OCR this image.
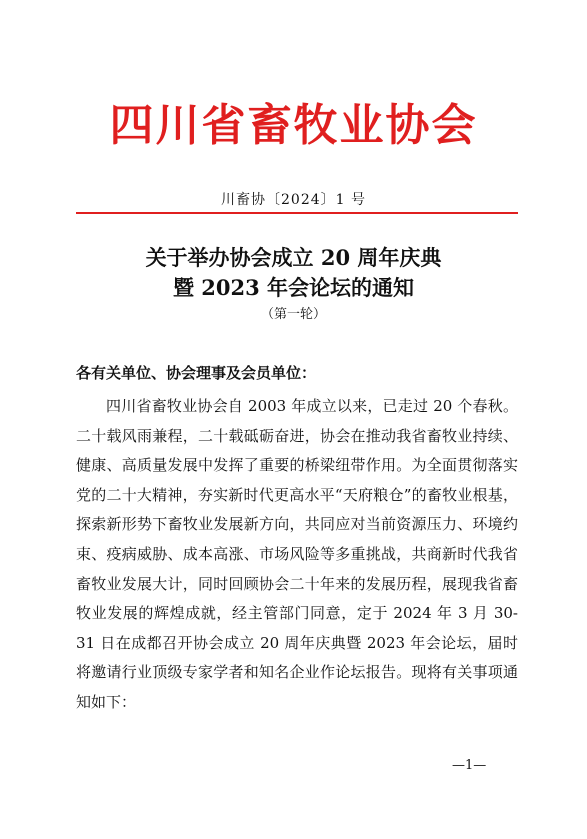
四川省畜牧业协会
川畜协〔2024〕1 号
关于举办协会成立 20 周年庆典
暨 2023 年会论坛的通知
（第一轮）
各有关单位、协会理事及会员单位：

四川省畜牧业协会自 2003 年成立以来，已走过 20 个春秋。二十载风雨兼程，二十载砥砺奋进，协会在推动我省畜牧业持续、健康、高质量发展中发挥了重要的桥梁纽带作用。为全面贯彻落实党的二十大精神，夯实新时代更高水平“天府粮仓”的畜牧业根基，探索新形势下畜牧业发展新方向，共同应对当前资源压力、环境约束、疫病威胁、成本高涨、市场风险等多重挑战，共商新时代我省畜牧业发展大计，同时回顾协会二十年来的发展历程，展现我省畜牧业发展的辉煌成就，经主管部门同意，定于 2024 年 3 月 30-31 日在成都召开协会成立 20 周年庆典暨 2023 年会论坛，届时将邀请行业顶级专家学者和知名企业作论坛报告。现将有关事项通知如下：

—1—
